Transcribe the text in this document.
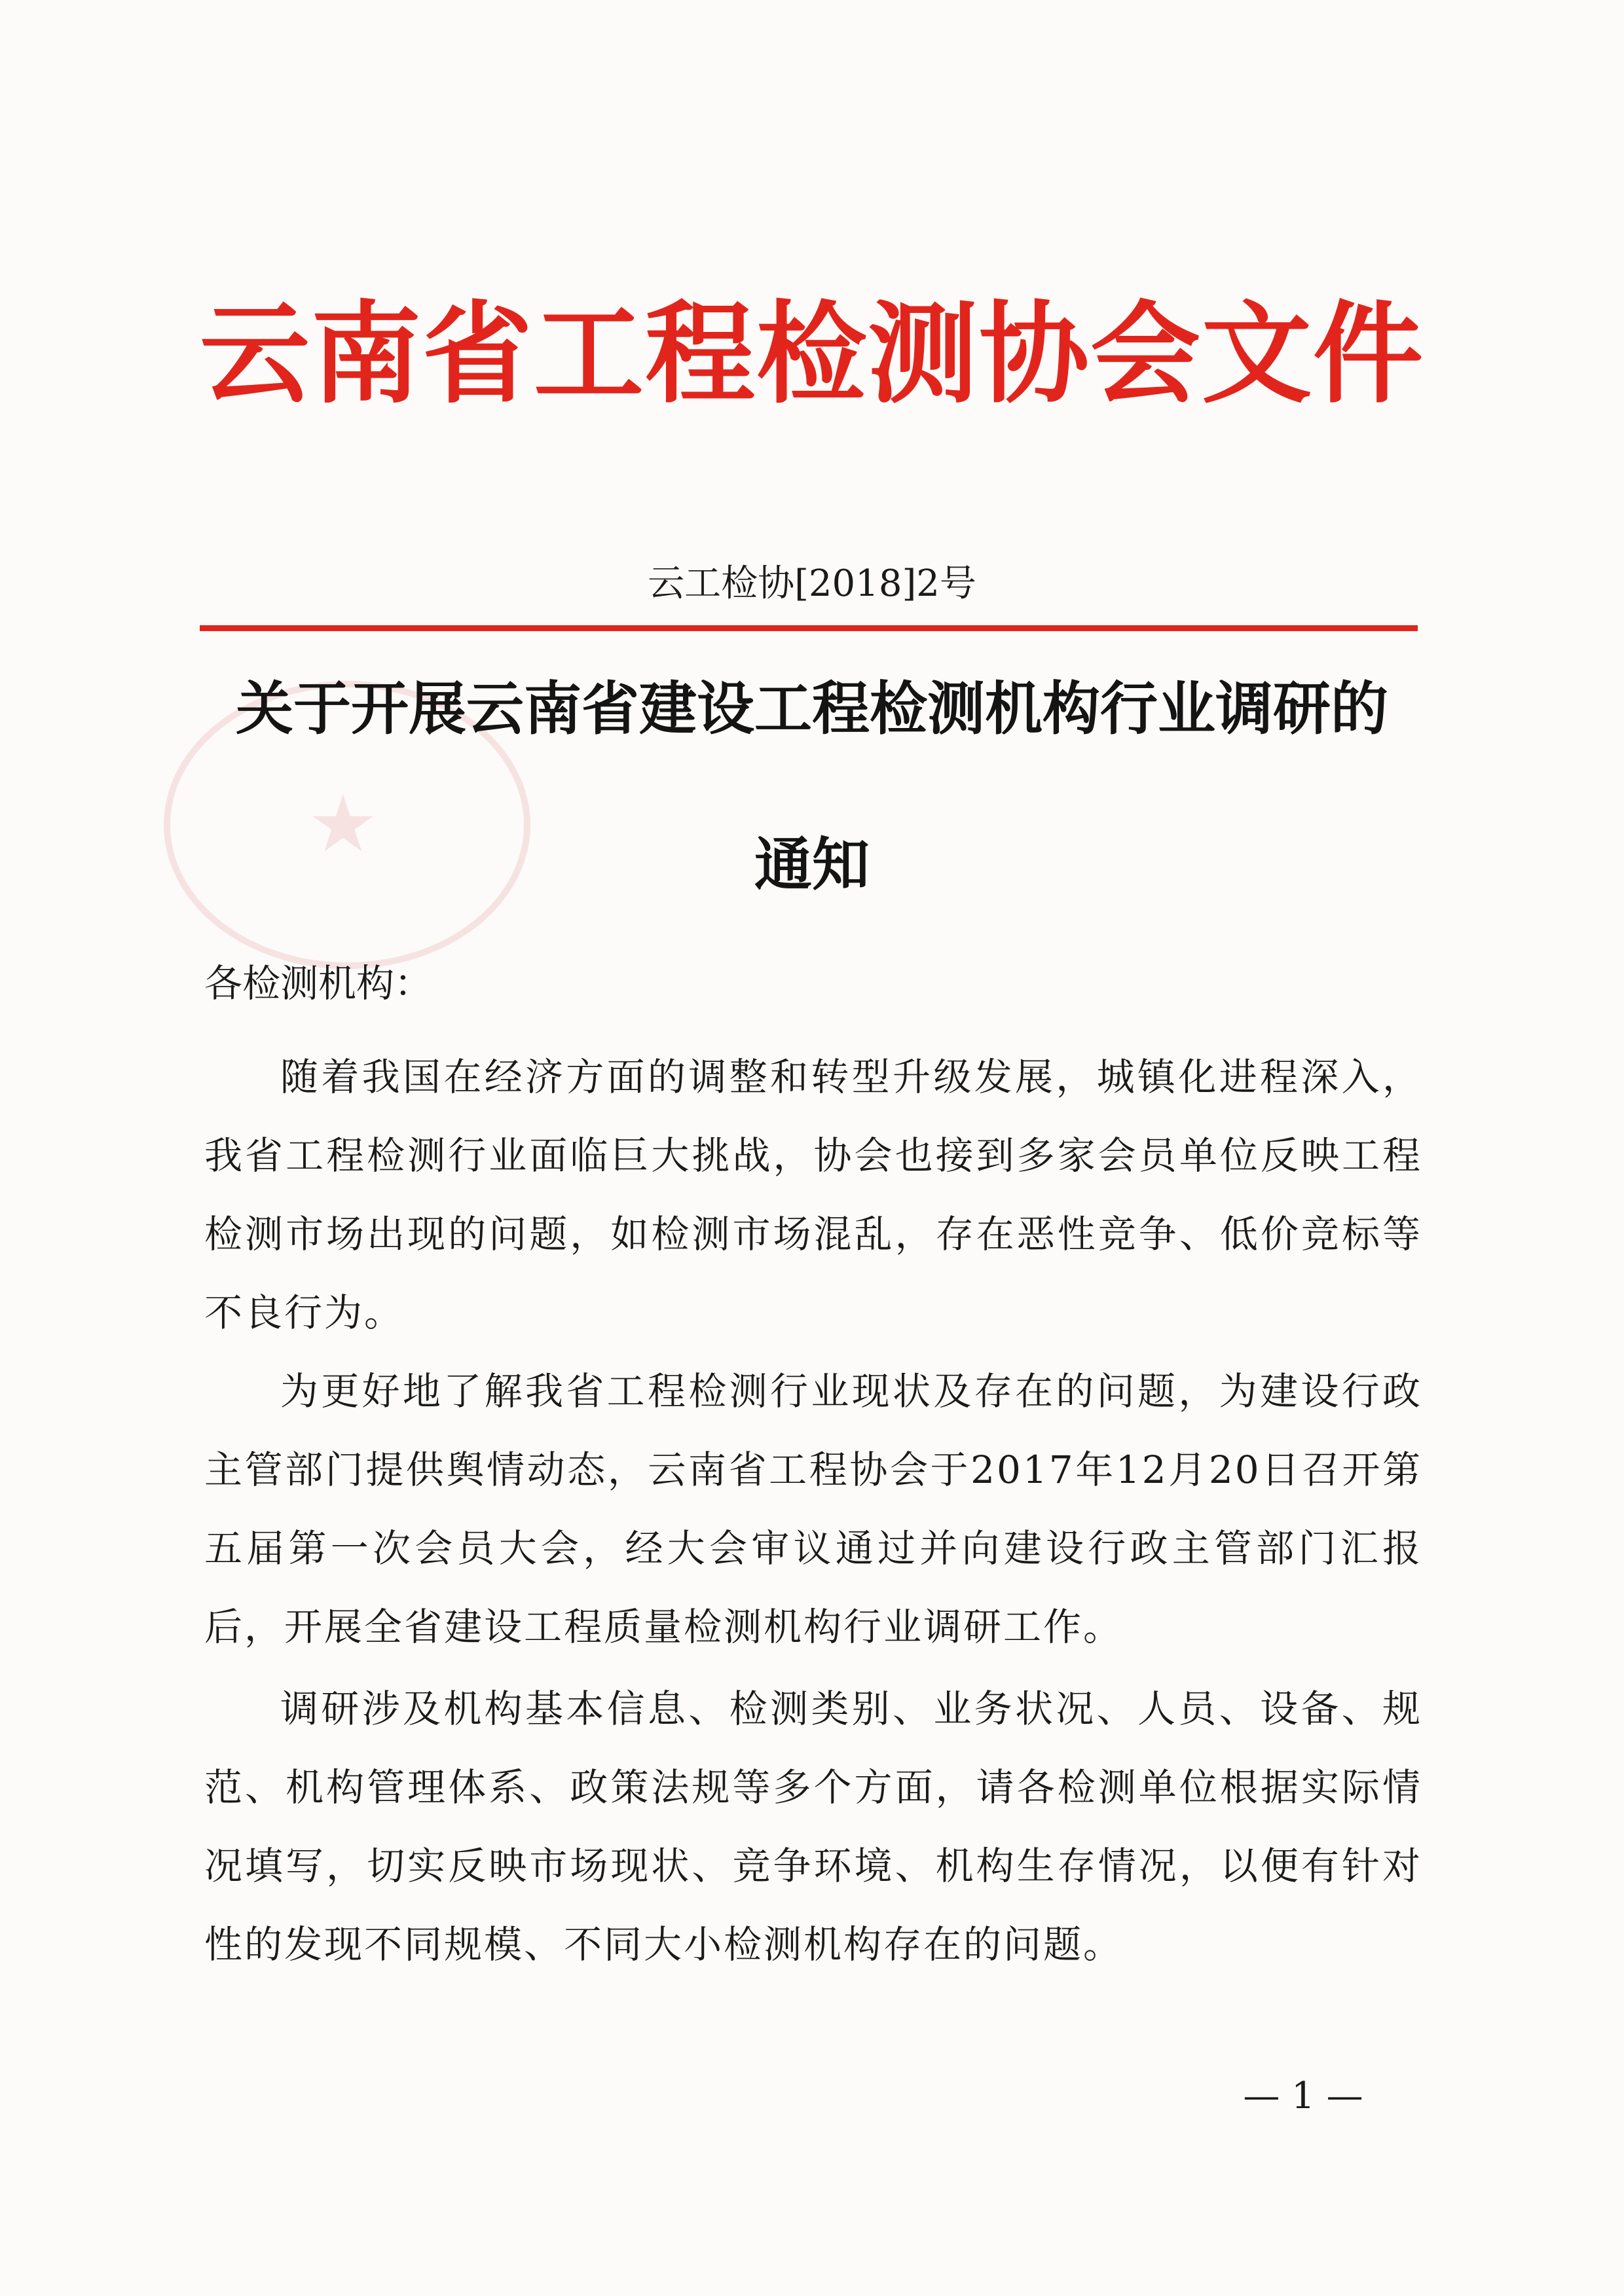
★
云南省工程检测协会文件
云工检协[2018]2号
关于开展云南省建设工程检测机构行业调研的
通知
各检测机构：

随着我国在经济方面的调整和转型升级发展，城镇化进程深入，我省工程检测行业面临巨大挑战，协会也接到多家会员单位反映工程检测市场出现的问题，如检测市场混乱，存在恶性竞争、低价竞标等不良行为。

为更好地了解我省工程检测行业现状及存在的问题，为建设行政主管部门提供舆情动态，云南省工程协会于2017年12月20日召开第五届第一次会员大会，经大会审议通过并向建设行政主管部门汇报后，开展全省建设工程质量检测机构行业调研工作。

调研涉及机构基本信息、检测类别、业务状况、人员、设备、规范、机构管理体系、政策法规等多个方面，请各检测单位根据实际情况填写，切实反映市场现状、竞争环境、机构生存情况，以便有针对性的发现不同规模、不同大小检测机构存在的问题。

— 1 —
